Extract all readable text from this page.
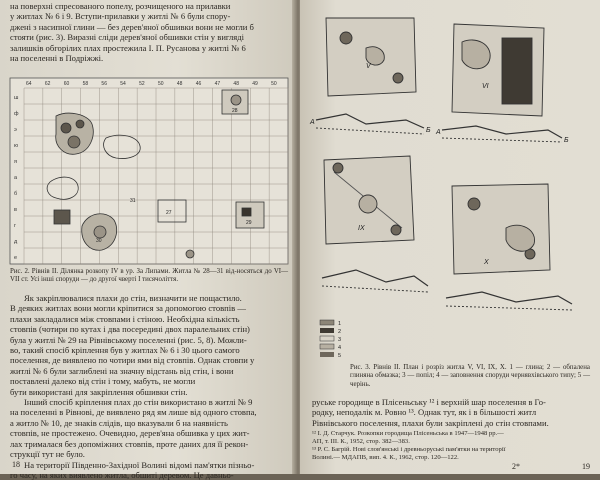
на поверхні спресованого попелу, розчищеного на прилавки

у житлах № 6 і 9. Вступи-прилавки у житлі № 6 були спору-

джені з насипної глини — без дерев'яної обшивки вони не могли б

стояти (рис. 3). Виразні сліди дерев'яної обшивки стін у вигляді

залишків обгорілих плах простежила І. П. Русанова у житлі № 6

на поселенні в Подріжжі.

64	62	60	58	56	54	52	50	48	46	47	48	49	50
ш
ф
э
ю
я
а
б
в
г
д
е
28
31
30
29
27
Рис. 2. Рівнів II. Ділянка розкопу IV в ур. За Липами. Житла № 28—31 від-носяться до VI—VII ст. Усі інші споруди — до другої чверті І тисячоліття.

Як закріплювалися плахи до стін, визначити не пощастило.

В деяких житлах вони могли кріпитися за допомогою стовпів —

плахи закладалися між стовпами і стіною. Необхідна кількість

стовпів (чотири по кутах і два посередині двох паралельних стін)

була у житлі № 29 на Рівнівському поселенні (рис. 5, 8). Можли-

во, такий спосіб кріплення був у житлах № 6 і 30 цього самого

поселення, де виявлено по чотири ями від стовпів. Однак стовпи у

житлі № 6 були заглиблені на значну відстань від стін, і вони

поставлені далеко від стін і тому, мабуть, не могли

бути використані для закріплення обшивки стін.

Інший спосіб кріплення плах до стін використано в житлі № 9

на поселенні в Рівнові, де виявлено ряд ям лише від одного стовпа,

а житло № 10, де знаків слідів, що вказували б на наявність

стовпів, не простежено. Очевидно, дерев'яна обшивка у цих жит-

лах трималася без допоміжних стовпів, проте даних для її рекон-

струкції тут не було.

На території Південно-Західної Волині відомі пам'ятки пізньо-

го часу, на яких виявлено житла, обшиті деревом. Це давньо-

18
V
VI
IX
X
А
Б А
Б
1
2
3
4
5
Рис. 3. Рівнів II. План і розріз житла V, VI, IX, X. 1 — глина; 2 — обпалена глиняна обмазка; 3 — попіл; 4 — заповнення споруди чернявхівського типу; 5 — черінь.

руське городище в Плісеньську ¹² і верхній шар поселення в Го-

родку, неподалік м. Ровно ¹³. Однак тут, як і в більшості житл

Рівнівського поселення, плахи були закріплені до стін стовпами.

¹² І. Д. Старчук. Розкопки городища Плісеньська в 1947—1948 рр.—
АП, т. ІІІ. К., 1952, стор. 382—383.
¹³ Р. С. Багрій. Нові слов'янські і древньоруські пам'ятки на території
Волині.— МДАПВ, вип. 4. К., 1962, стор. 120—122.
2*	19
